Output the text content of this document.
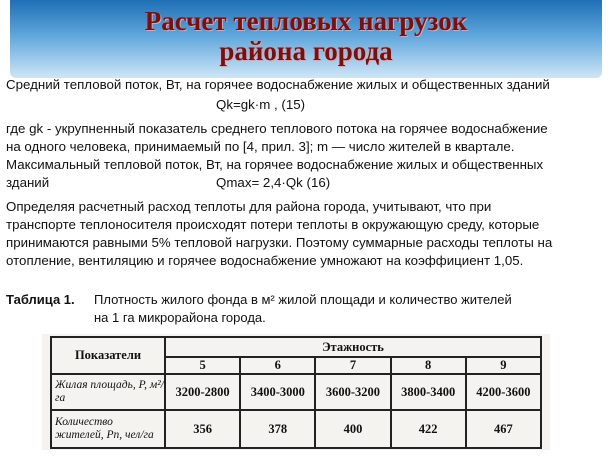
Расчет тепловых нагрузок
района города
Средний тепловой поток, Вт, на горячее водоснабжение жилых и общественных зданий
Qk=gk·m , (15)
где gk - укрупненный показатель среднего теплового потока на горячее водоснабжение
на одного человека, принимаемый по [4, прил. 3]; m — число жителей в квартале.
Максимальный тепловой поток, Вт, на горячее водоснабжение жилых и общественных
зданий	Qmax= 2,4·Qk (16)
Определяя расчетный расход теплоты для района города, учитывают, что при
транспорте теплоносителя происходят потери теплоты в окружающую среду, которые
принимаются равными 5% тепловой нагрузки. Поэтому суммарные расходы теплоты на
отопление, вентиляцию и горячее водоснабжение умножают на коэффициент 1,05.
Таблица 1. Плотность жилого фонда в м² жилой площади и количество жителей
на 1 га микрорайона города.
Показатели	Этажность				
	5	6	7	8	9
Жилая площадь, P, м²/га	3200-2800	3400-3000	3600-3200	3800-3400	4200-3600
Количество жителей, Pп, чел/га	356	378	400	422	467
